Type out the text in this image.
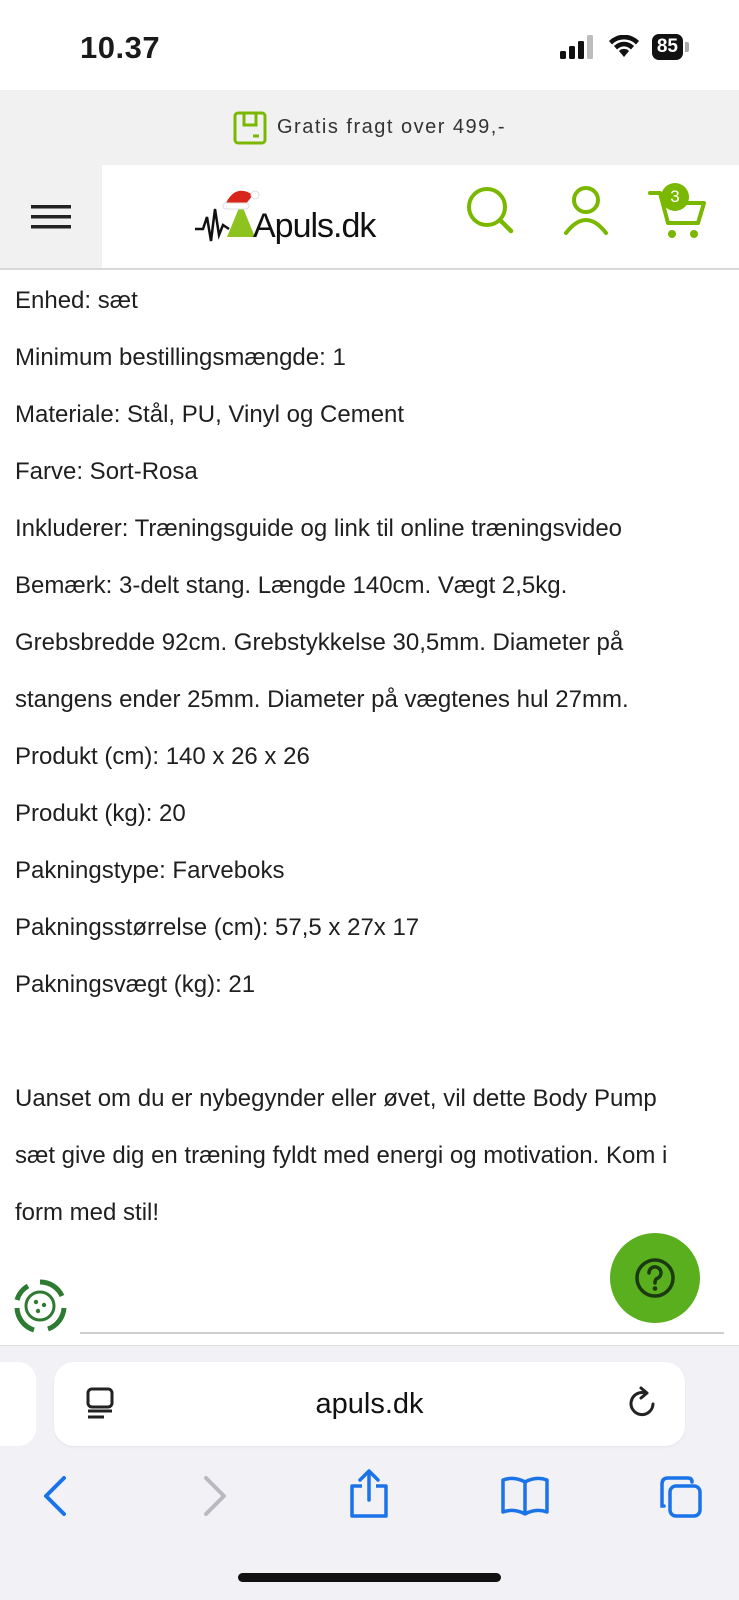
10.37	85
Gratis fragt over 499,-
Apuls.dk
3
Enhed: sæt
Minimum bestillingsmængde: 1
Materiale: Stål, PU, Vinyl og Cement
Farve: Sort-Rosa
Inkluderer: Træningsguide og link til online træningsvideo
Bemærk: 3-delt stang. Længde 140cm. Vægt 2,5kg.
Grebsbredde 92cm. Grebstykkelse 30,5mm. Diameter på
stangens ender 25mm. Diameter på vægtenes hul 27mm.
Produkt (cm): 140 x 26 x 26
Produkt (kg): 20
Pakningstype: Farveboks
Pakningsstørrelse (cm): 57,5 x 27x 17
Pakningsvægt (kg): 21
Uanset om du er nybegynder eller øvet, vil dette Body Pump
sæt give dig en træning fyldt med energi og motivation. Kom i
form med stil!
apuls.dk
